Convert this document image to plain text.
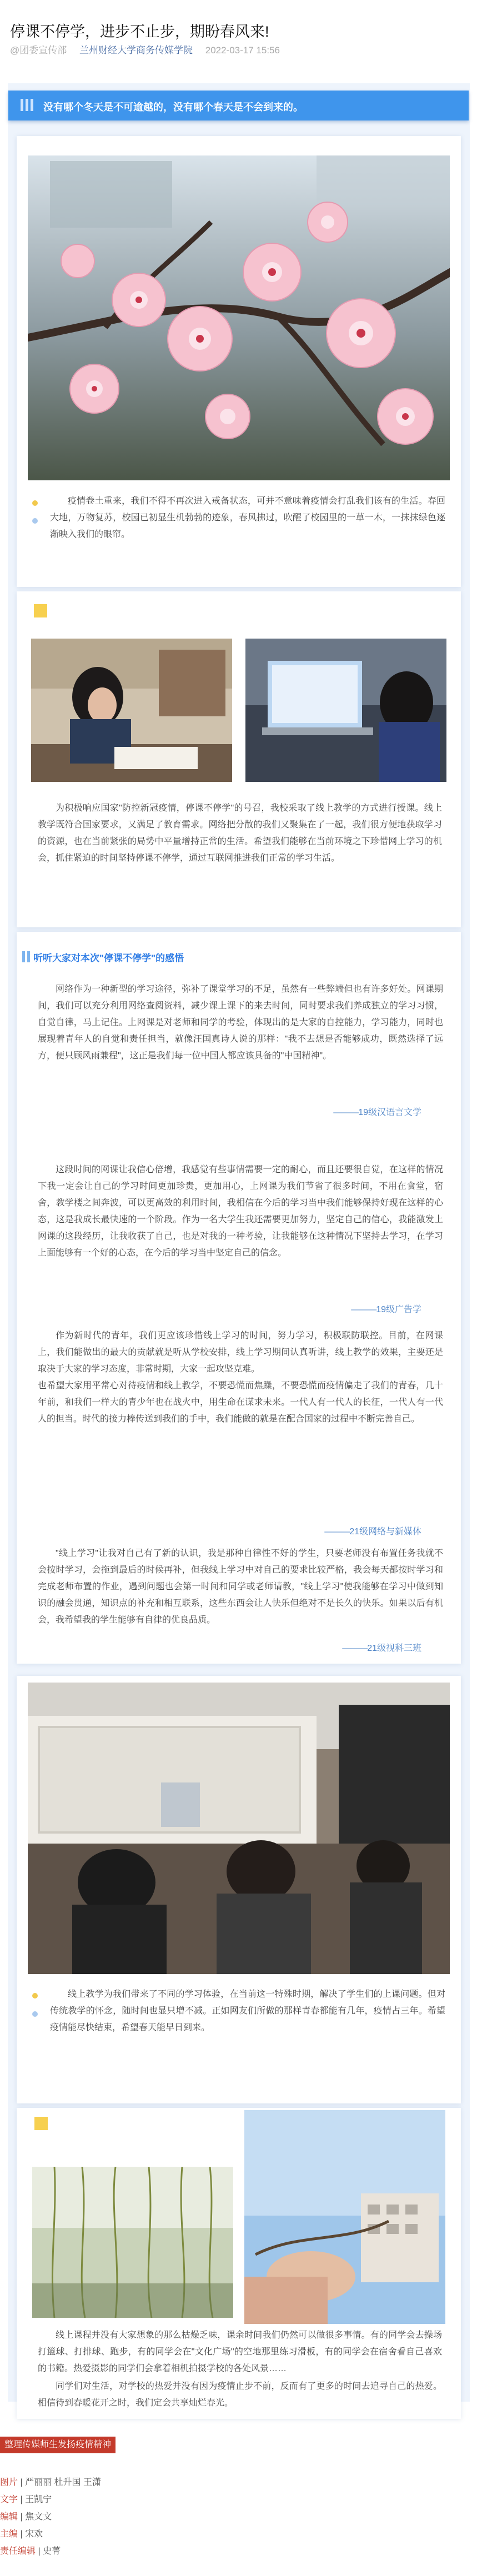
停课不停学，进步不止步，期盼春风来!
@团委宣传部 兰州财经大学商务传媒学院 2022-03-17 15:56
没有哪个冬天是不可逾越的，没有哪个春天是不会到来的。

疫情卷土重来，我们不得不再次进入戒备状态，可并不意味着疫情会打乱我们该有的生活。春回大地，万物复苏，校园已初显生机勃勃的迹象，春风拂过，吹醒了校园里的一草一木，一抹抹绿色逐渐映入我们的眼帘。

为积极响应国家"防控新冠疫情，停课不停学"的号召，我校采取了线上教学的方式进行授课。线上教学既符合国家要求，又满足了教育需求。网络把分散的我们又聚集在了一起，我们很方便地获取学习的资源，也在当前紧张的局势中平量增持正常的生活。希望我们能够在当前环境之下珍惜网上学习的机会，抓住紧迫的时间坚持停课不停学，通过互联网推进我们正常的学习生活。

听听大家对本次"停课不停学"的感悟

网络作为一种新型的学习途径，弥补了课堂学习的不足，虽然有一些弊端但也有许多好处。网课期间，我们可以充分利用网络查阅资料，减少课上课下的来去时间，同时要求我们养成独立的学习习惯，自觉自律，马上记住。上网课是对老师和同学的考验，体现出的是大家的自控能力，学习能力，同时也展现着青年人的自觉和责任担当，就像汪国真诗人说的那样："我不去想是否能够成功，既然选择了远方，便只顾风雨兼程"，这正是我们每一位中国人都应该具备的"中国精神"。

——— 19级汉语言文学

这段时间的网课让我信心倍增，我感觉有些事情需要一定的耐心，而且还要很自觉，在这样的情况下我一定会让自己的学习时间更加珍贵，更加用心，上网课为我们节省了很多时间，不用在食堂，宿舍，教学楼之间奔波，可以更高效的利用时间，我相信在今后的学习当中我们能够保持好现在这样的心态，这是我成长最快速的一个阶段。作为一名大学生我还需要更加努力，坚定自己的信心，我能激发上网课的这段经历，让我收获了自己，也是对我的一种考验，让我能够在这种情况下坚持去学习，在学习上面能够有一个好的心态，在今后的学习当中坚定自己的信念。

——— 19级广告学

作为新时代的青年，我们更应该珍惜线上学习的时间，努力学习，积极联防联控。目前，在网课上，我们能做出的最大的贡献就是听从学校安排，线上学习期间认真听讲，线上教学的效果，主要还是取决于大家的学习态度，非常时期，大家一起攻坚克难。
也希望大家用平常心对待疫情和线上教学，不要恐慌而焦躁，不要恐慌而疫情偏走了我们的青春，几十年前，和我们一样大的青少年也在战火中，用生命在谋求未来。一代人有一代人的长征，一代人有一代人的担当。时代的接力棒传送到我们的手中，我们能做的就是在配合国家的过程中不断完善自己。

——— 21级网络与新媒体

"线上学习"让我对自己有了新的认识，我是那种自律性不好的学生，只要老师没有布置任务我就不会按时学习，会拖到最后的时候再补，但我线上学习中对自己的要求比较严格，我会每天都按时学习和完成老师布置的作业，遇到问题也会第一时间和同学或老师请教，"线上学习"使我能够在学习中做到知识的融会贯通，知识点的补充和相互联系，这些东西会让人快乐但绝对不是长久的快乐。如果以后有机会，我希望我的学生能够有自律的优良品质。

——— 21级视科三班

线上教学为我们带来了不同的学习体验，在当前这一特殊时期，解决了学生们的上课问题。但对传统教学的怀念，随时间也显只增不减。正如网友们所做的那样青春都能有几年，疫情占三年。希望疫情能尽快结束，希望春天能早日到来。

线上课程并没有大家想象的那么枯燥乏味，课余时间我们仍然可以做很多事情。有的同学会去操场打篮球、打排球、跑步，有的同学会在"文化广场"的空地那里练习滑板，有的同学会在宿舍看自己喜欢的书籍。热爱摄影的同学们会拿着相机拍摄学校的各处风景……

同学们对生活，对学校的热爱并没有因为疫情止步不前，反而有了更多的时间去追寻自己的热爱。相信待到春暖花开之时，我们定会共享灿烂春光。

整理传媒师生发扬疫情精神
图片 | 严丽丽 杜升国 王潇
文字 | 王凯宁
编辑 | 焦文文
主编 | 宋欢
责任编辑 | 史菁
